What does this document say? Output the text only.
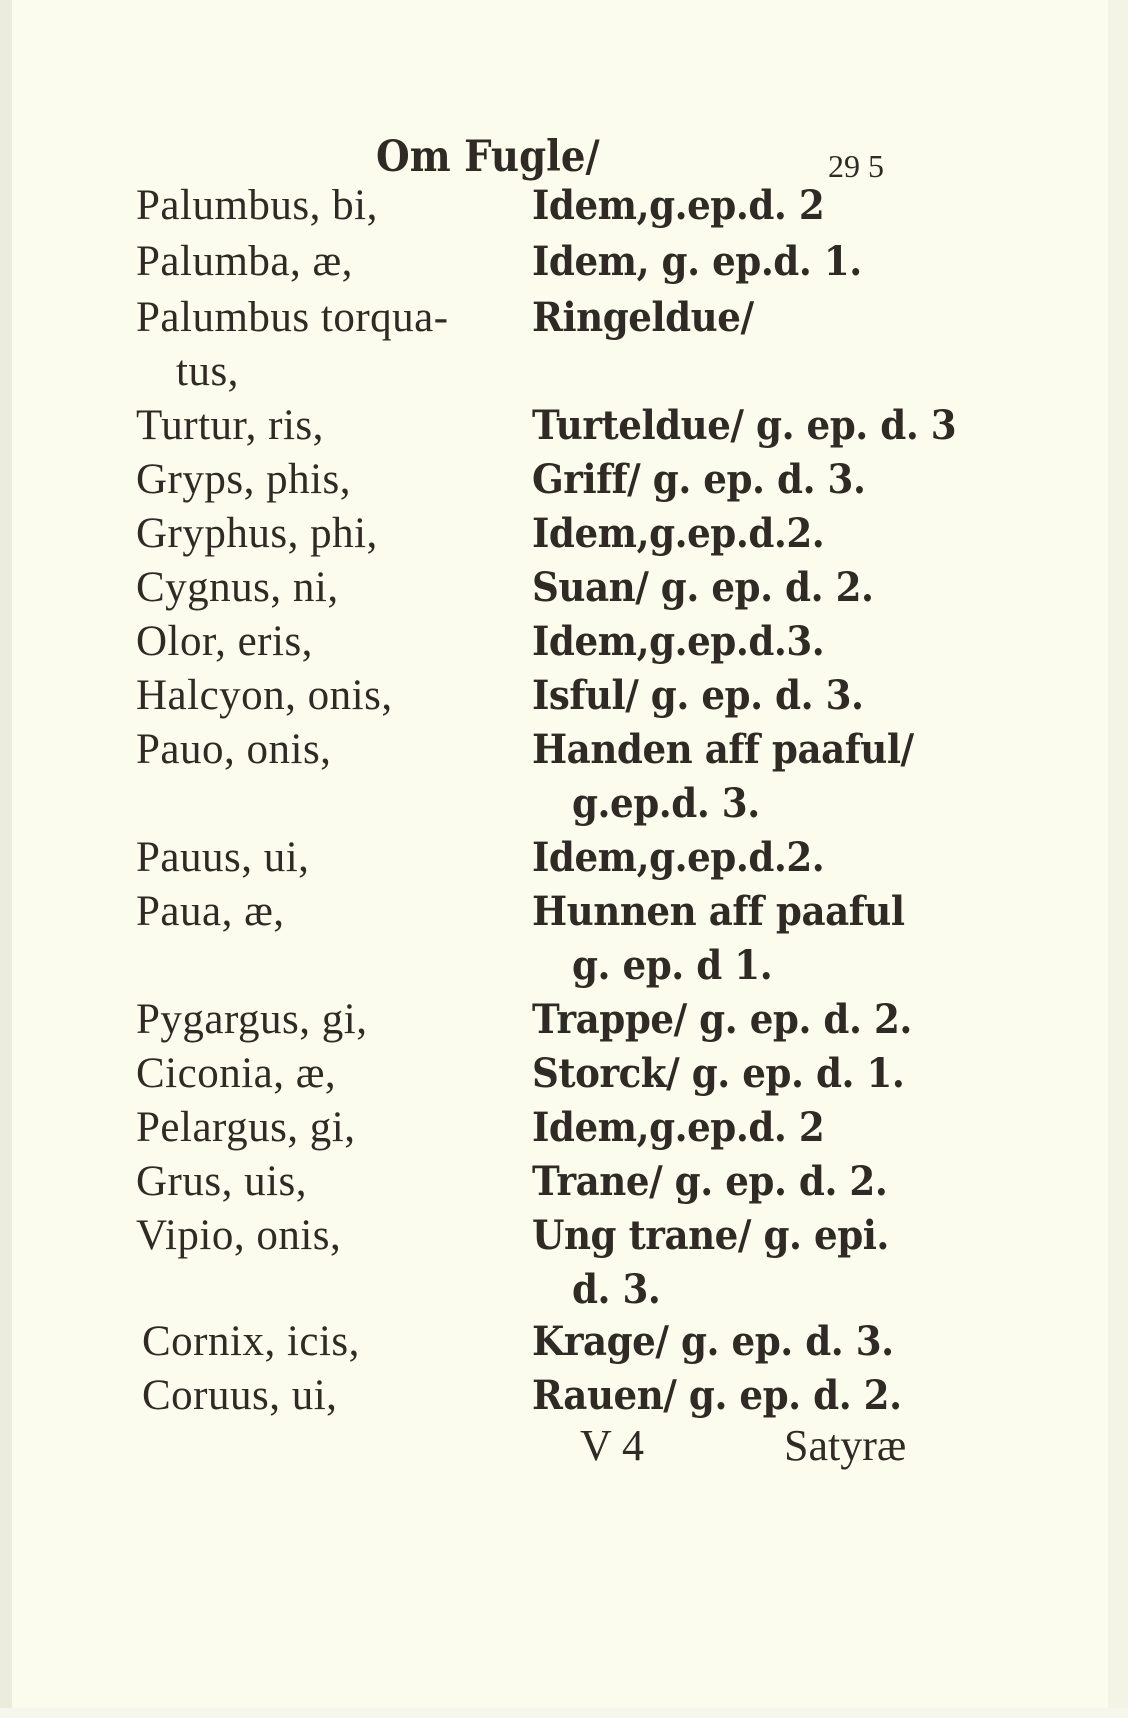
Om Fugle/	29 5
Palumbus, bi,
Palumba, æ,
Palumbus torqua-
tus,
Turtur, ris,
Gryps, phis,
Gryphus, phi,
Cygnus, ni,
Olor, eris,
Halcyon, onis,
Pauo, onis,
Pauus, ui,
Paua, æ,
Pygargus, gi,
Ciconia, æ,
Pelargus, gi,
Grus, uis,
Vipio, onis,
Cornix, icis,
Coruus, ui,
Idem,g.ep.d. 2
Idem, g. ep.d. 1.
Ringeldue/
Turteldue/ g. ep. d. 3
Griff/ g. ep. d. 3.
Idem,g.ep.d.2.
Suan/ g. ep. d. 2.
Idem,g.ep.d.3.
Isful/ g. ep. d. 3.
Handen aff paaful/
g.ep.d. 3.
Idem,g.ep.d.2.
Hunnen aff paaful
g. ep. d 1.
Trappe/ g. ep. d. 2.
Storck/ g. ep. d. 1.
Idem,g.ep.d. 2
Trane/ g. ep. d. 2.
Ung trane/ g. epi.
d. 3.
Krage/ g. ep. d. 3.
Rauen/ g. ep. d. 2.
V 4	Satyræ
